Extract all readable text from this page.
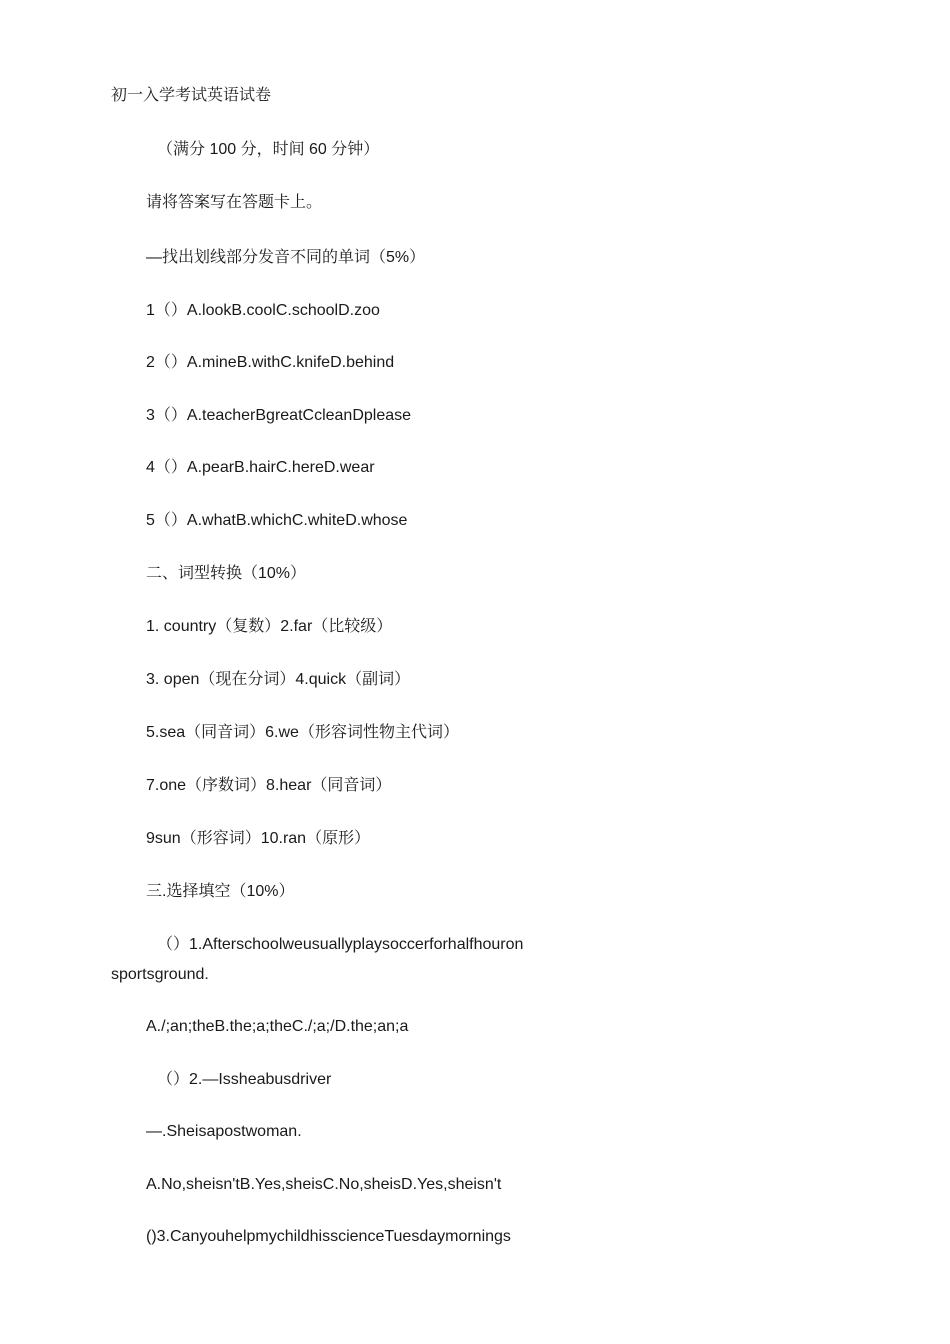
初一入学考试英语试卷
（满分 100 分，时间 60 分钟）
请将答案写在答题卡上。
—找出划线部分发音不同的单词（5%）
1（）A.lookB.coolC.schoolD.zoo
2（）A.mineB.withC.knifeD.behind
3（）A.teacherBgreatCcleanDplease
4（）A.pearB.hairC.hereD.wear
5（）A.whatB.whichC.whiteD.whose
二、词型转换（10%）
1. country（复数）2.far（比较级）
3. open（现在分词）4.quick（副词）
5.sea（同音词）6.we（形容词性物主代词）
7.one（序数词）8.hear（同音词）
9sun（形容词）10.ran（原形）
三.选择填空（10%）
（）1.Afterschoolweusuallyplaysoccerforhalfhouron
sportsground.
A./;an;theB.the;a;theC./;a;/D.the;an;a
（）2.—Issheabusdriver
—.Sheisapostwoman.
A.No,sheisn'tB.Yes,sheisC.No,sheisD.Yes,sheisn't
()3.CanyouhelpmychildhisscienceTuesdaymornings
